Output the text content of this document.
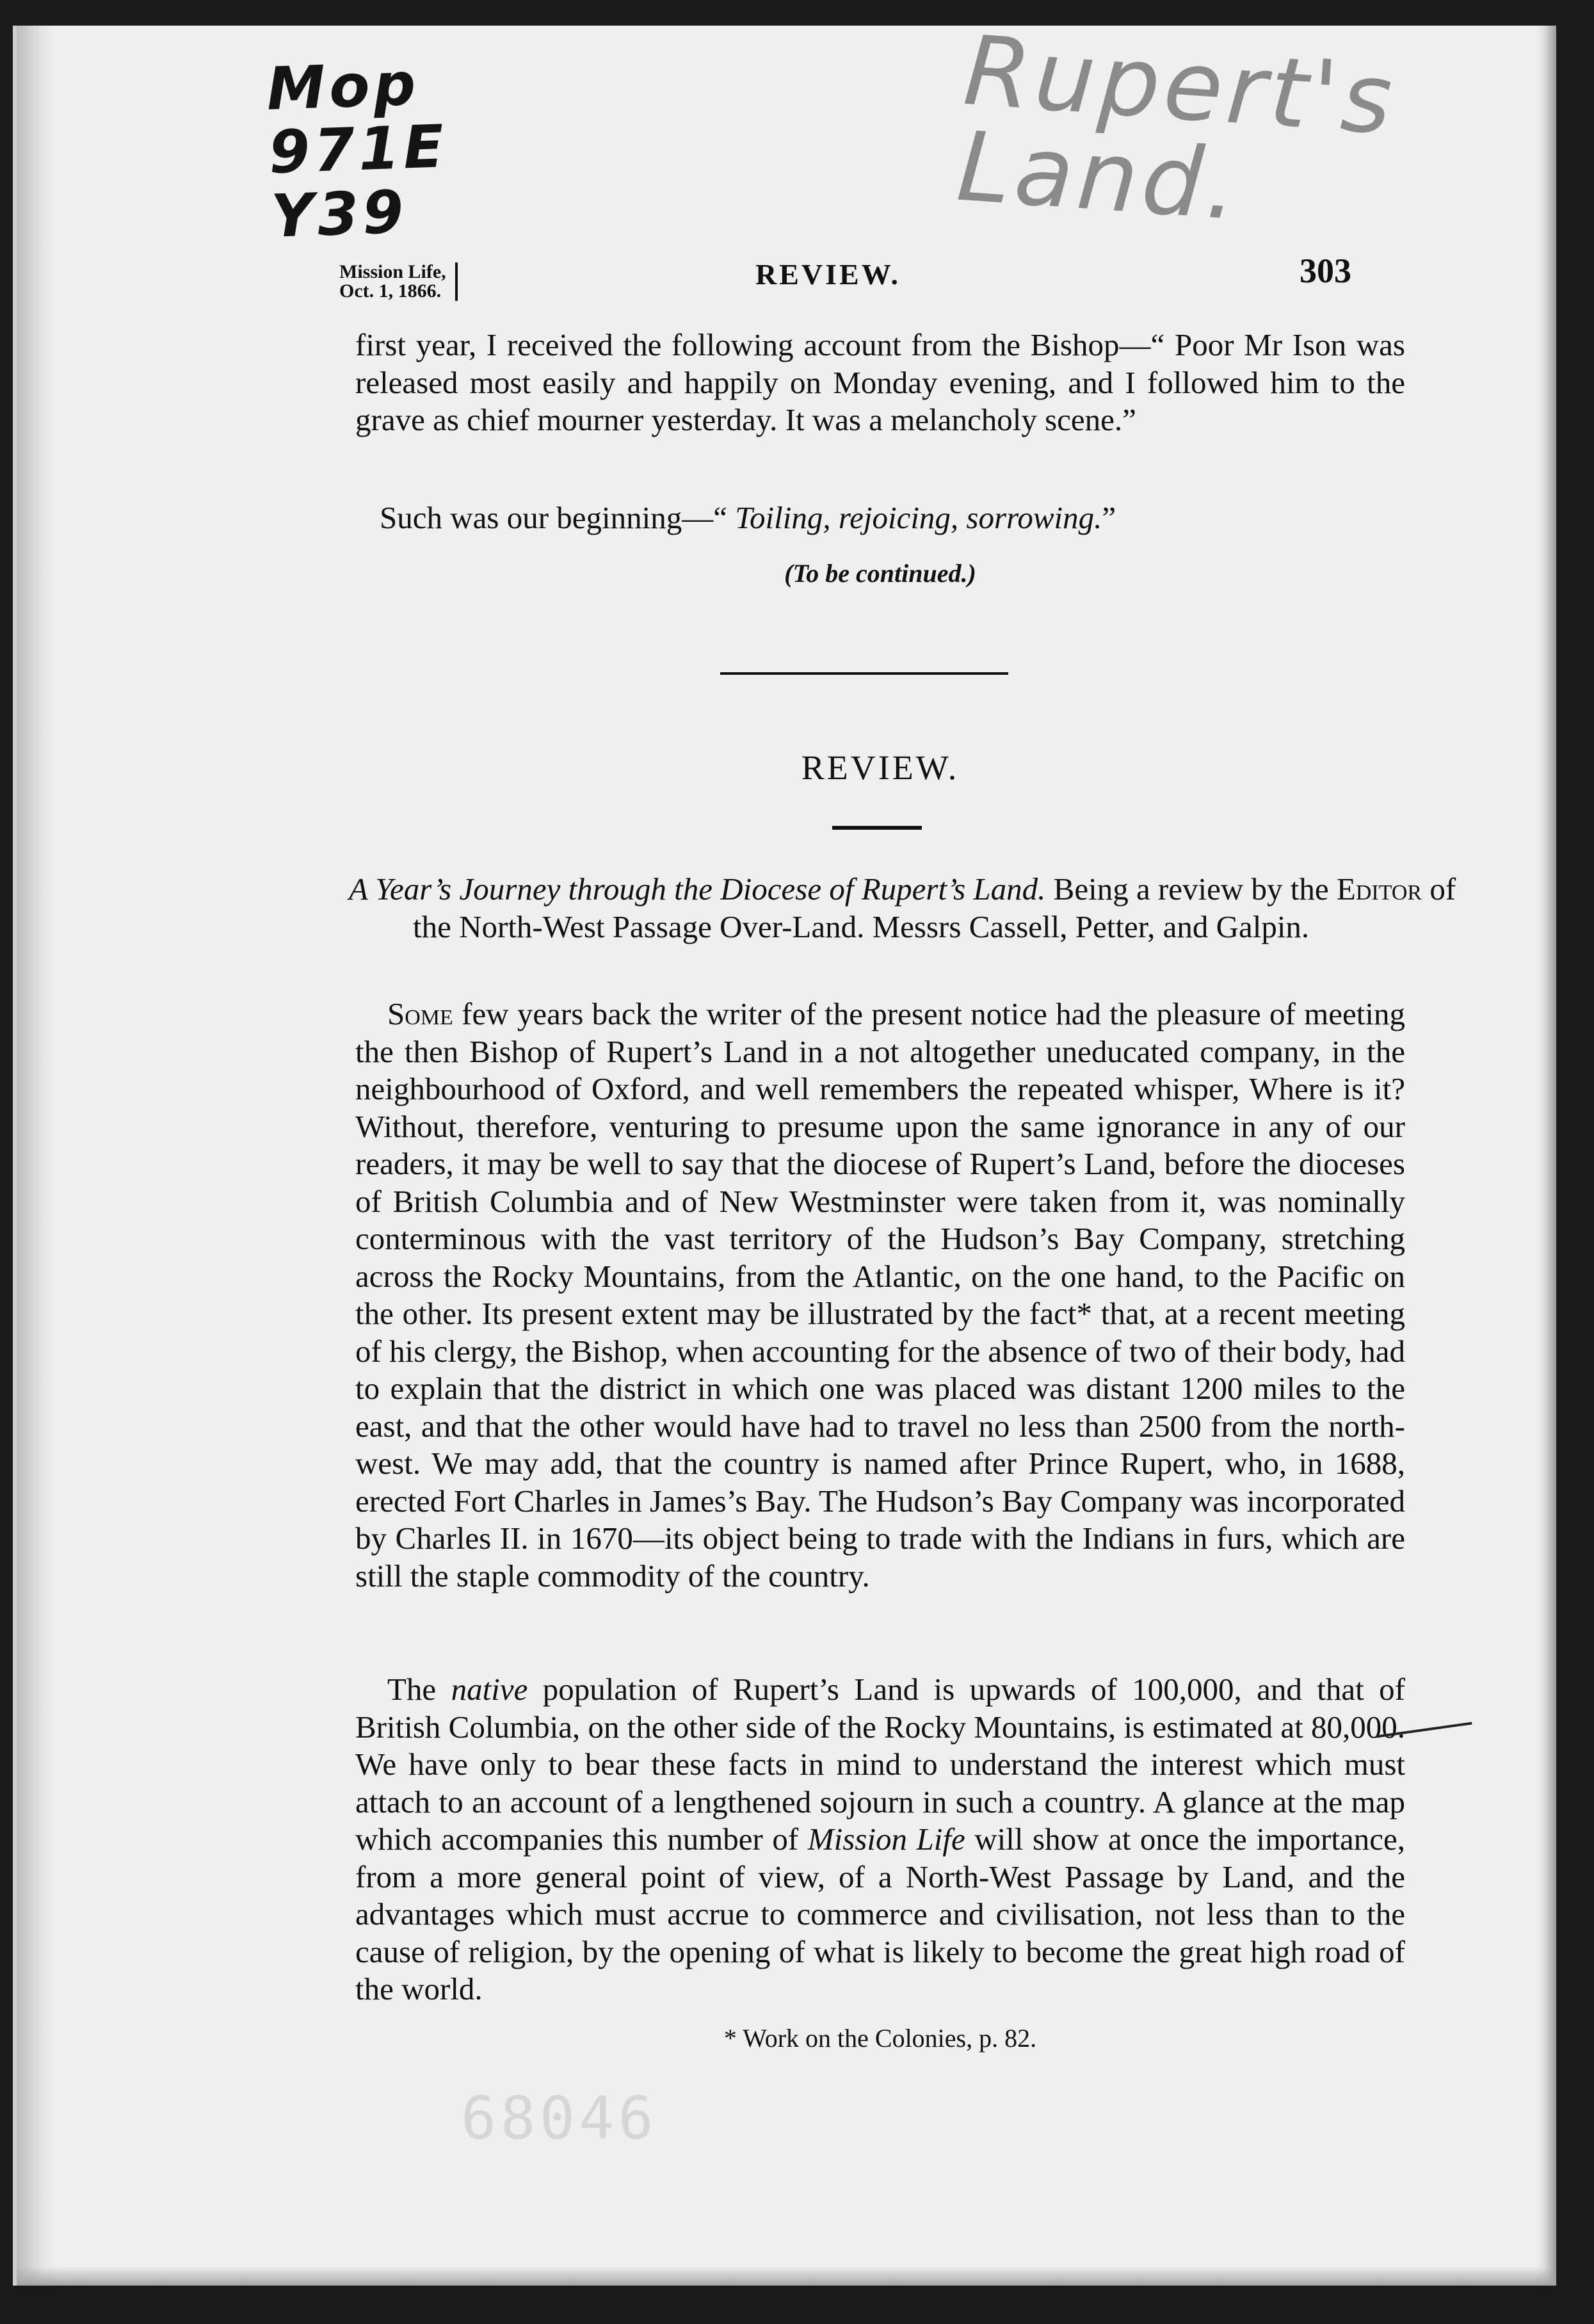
Mop
971E
Y39
Rupert's Land.
Mission Life,
Oct. 1, 1866.
REVIEW.	303
first year, I received the following account from the Bishop—“ Poor Mr Ison was released most easily and happily on Monday evening, and I followed him to the grave as chief mourner yesterday. It was a melancholy scene.”
Such was our beginning—“ Toiling, rejoicing, sorrowing.”
(To be continued.)
REVIEW.
A Year’s Journey through the Diocese of Rupert’s Land. Being a review by the Editor of the North-West Passage Over-Land. Messrs Cassell, Petter, and Galpin.
Some few years back the writer of the present notice had the pleasure of meeting the then Bishop of Rupert’s Land in a not altogether uneducated company, in the neighbourhood of Oxford, and well remembers the repeated whisper, Where is it? Without, therefore, venturing to presume upon the same ignorance in any of our readers, it may be well to say that the diocese of Rupert’s Land, before the dioceses of British Columbia and of New Westminster were taken from it, was nominally conterminous with the vast territory of the Hudson’s Bay Company, stretching across the Rocky Mountains, from the Atlantic, on the one hand, to the Pacific on the other. Its present extent may be illustrated by the fact* that, at a recent meeting of his clergy, the Bishop, when accounting for the absence of two of their body, had to explain that the district in which one was placed was distant 1200 miles to the east, and that the other would have had to travel no less than 2500 from the north-west. We may add, that the country is named after Prince Rupert, who, in 1688, erected Fort Charles in James’s Bay. The Hudson’s Bay Company was incorporated by Charles II. in 1670—its object being to trade with the Indians in furs, which are still the staple commodity of the country.
The native population of Rupert’s Land is upwards of 100,000, and that of British Columbia, on the other side of the Rocky Mountains, is estimated at 80,000. We have only to bear these facts in mind to understand the interest which must attach to an account of a lengthened sojourn in such a country. A glance at the map which accompanies this number of Mission Life will show at once the importance, from a more general point of view, of a North-West Passage by Land, and the advantages which must accrue to commerce and civilisation, not less than to the cause of religion, by the opening of what is likely to become the great high road of the world.
* Work on the Colonies, p. 82.
68046
